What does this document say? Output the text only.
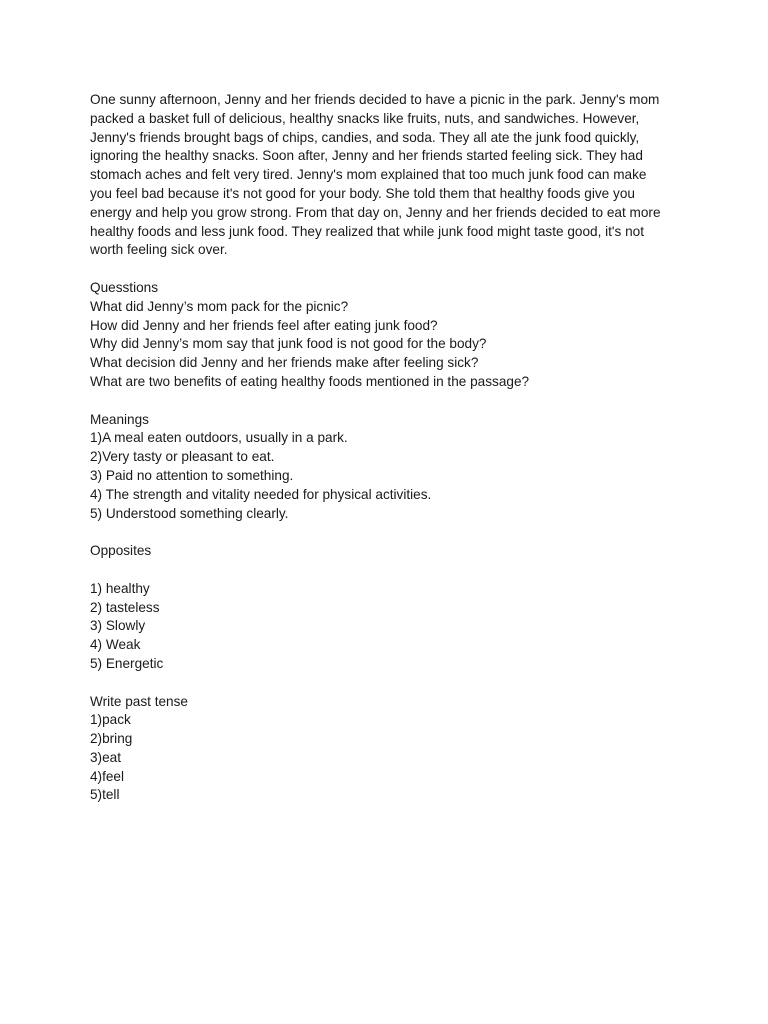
One sunny afternoon, Jenny and her friends decided to have a picnic in the park. Jenny's mom
packed a basket full of delicious, healthy snacks like fruits, nuts, and sandwiches. However,
Jenny's friends brought bags of chips, candies, and soda. They all ate the junk food quickly,
ignoring the healthy snacks. Soon after, Jenny and her friends started feeling sick. They had
stomach aches and felt very tired. Jenny's mom explained that too much junk food can make
you feel bad because it's not good for your body. She told them that healthy foods give you
energy and help you grow strong. From that day on, Jenny and her friends decided to eat more
healthy foods and less junk food. They realized that while junk food might taste good, it's not
worth feeling sick over.
Quesstions
What did Jenny’s mom pack for the picnic?
How did Jenny and her friends feel after eating junk food?
Why did Jenny’s mom say that junk food is not good for the body?
What decision did Jenny and her friends make after feeling sick?
What are two benefits of eating healthy foods mentioned in the passage?
Meanings
1)A meal eaten outdoors, usually in a park.
2)Very tasty or pleasant to eat.
3) Paid no attention to something.
4) The strength and vitality needed for physical activities.
5) Understood something clearly.
Opposites
1) healthy
2) tasteless
3) Slowly
4) Weak
5) Energetic
Write past tense
1)pack
2)bring
3)eat
4)feel
5)tell
